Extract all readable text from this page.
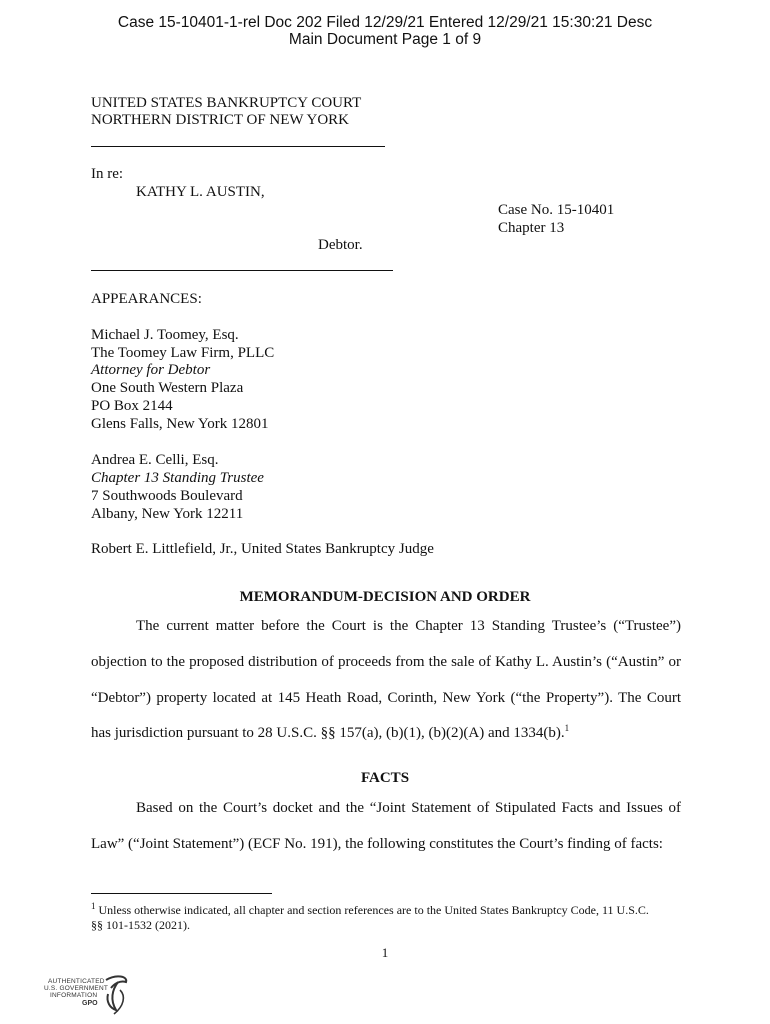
Case 15-10401-1-rel Doc 202 Filed 12/29/21 Entered 12/29/21 15:30:21 Desc
Main Document Page 1 of 9
UNITED STATES BANKRUPTCY COURT
NORTHERN DISTRICT OF NEW YORK
In re:
KATHY L. AUSTIN,
Case No. 15-10401
Chapter 13
Debtor.
APPEARANCES:
Michael J. Toomey, Esq.
The Toomey Law Firm, PLLC
Attorney for Debtor
One South Western Plaza
PO Box 2144
Glens Falls, New York 12801
Andrea E. Celli, Esq.
Chapter 13 Standing Trustee
7 Southwoods Boulevard
Albany, New York 12211
Robert E. Littlefield, Jr., United States Bankruptcy Judge
MEMORANDUM-DECISION AND ORDER
The current matter before the Court is the Chapter 13 Standing Trustee’s (“Trustee”)
objection to the proposed distribution of proceeds from the sale of Kathy L. Austin’s (“Austin” or
“Debtor”) property located at 145 Heath Road, Corinth, New York (“the Property”). The Court
has jurisdiction pursuant to 28 U.S.C. §§ 157(a), (b)(1), (b)(2)(A) and 1334(b).$^1$
FACTS
Based on the Court’s docket and the “Joint Statement of Stipulated Facts and Issues of
Law” (“Joint Statement”) (ECF No. 191), the following constitutes the Court’s finding of facts:
$^1$ Unless otherwise indicated, all chapter and section references are to the United States Bankruptcy Code, 11 U.S.C.
§§ 101-1532 (2021).
1
AUTHENTICATED
U.S. GOVERNMENT
INFORMATION
GPO
